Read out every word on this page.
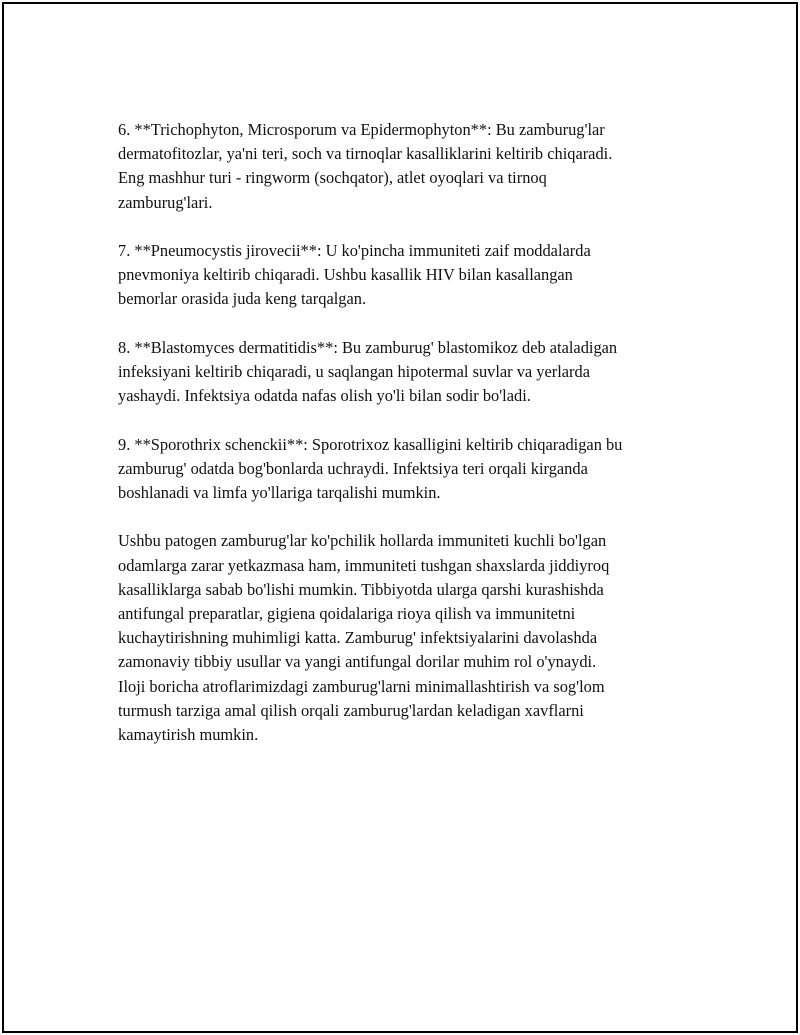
6. **Trichophyton, Microsporum va Epidermophyton**: Bu zamburug'lar
dermatofitozlar, ya'ni teri, soch va tirnoqlar kasalliklarini keltirib chiqaradi.
Eng mashhur turi - ringworm (sochqator), atlet oyoqlari va tirnoq
zamburug'lari.

7. **Pneumocystis jirovecii**: U ko'pincha immuniteti zaif moddalarda
pnevmoniya keltirib chiqaradi. Ushbu kasallik HIV bilan kasallangan
bemorlar orasida juda keng tarqalgan.

8. **Blastomyces dermatitidis**: Bu zamburug' blastomikoz deb ataladigan
infeksiyani keltirib chiqaradi, u saqlangan hipotermal suvlar va yerlarda
yashaydi. Infektsiya odatda nafas olish yo'li bilan sodir bo'ladi.

9. **Sporothrix schenckii**: Sporotrixoz kasalligini keltirib chiqaradigan bu
zamburug' odatda bog'bonlarda uchraydi. Infektsiya teri orqali kirganda
boshlanadi va limfa yo'llariga tarqalishi mumkin.

Ushbu patogen zamburug'lar ko'pchilik hollarda immuniteti kuchli bo'lgan
odamlarga zarar yetkazmasa ham, immuniteti tushgan shaxslarda jiddiyroq
kasalliklarga sabab bo'lishi mumkin. Tibbiyotda ularga qarshi kurashishda
antifungal preparatlar, gigiena qoidalariga rioya qilish va immunitetni
kuchaytirishning muhimligi katta. Zamburug' infektsiyalarini davolashda
zamonaviy tibbiy usullar va yangi antifungal dorilar muhim rol o'ynaydi.
Iloji boricha atroflarimizdagi zamburug'larni minimallashtirish va sog'lom
turmush tarziga amal qilish orqali zamburug'lardan keladigan xavflarni
kamaytirish mumkin.
